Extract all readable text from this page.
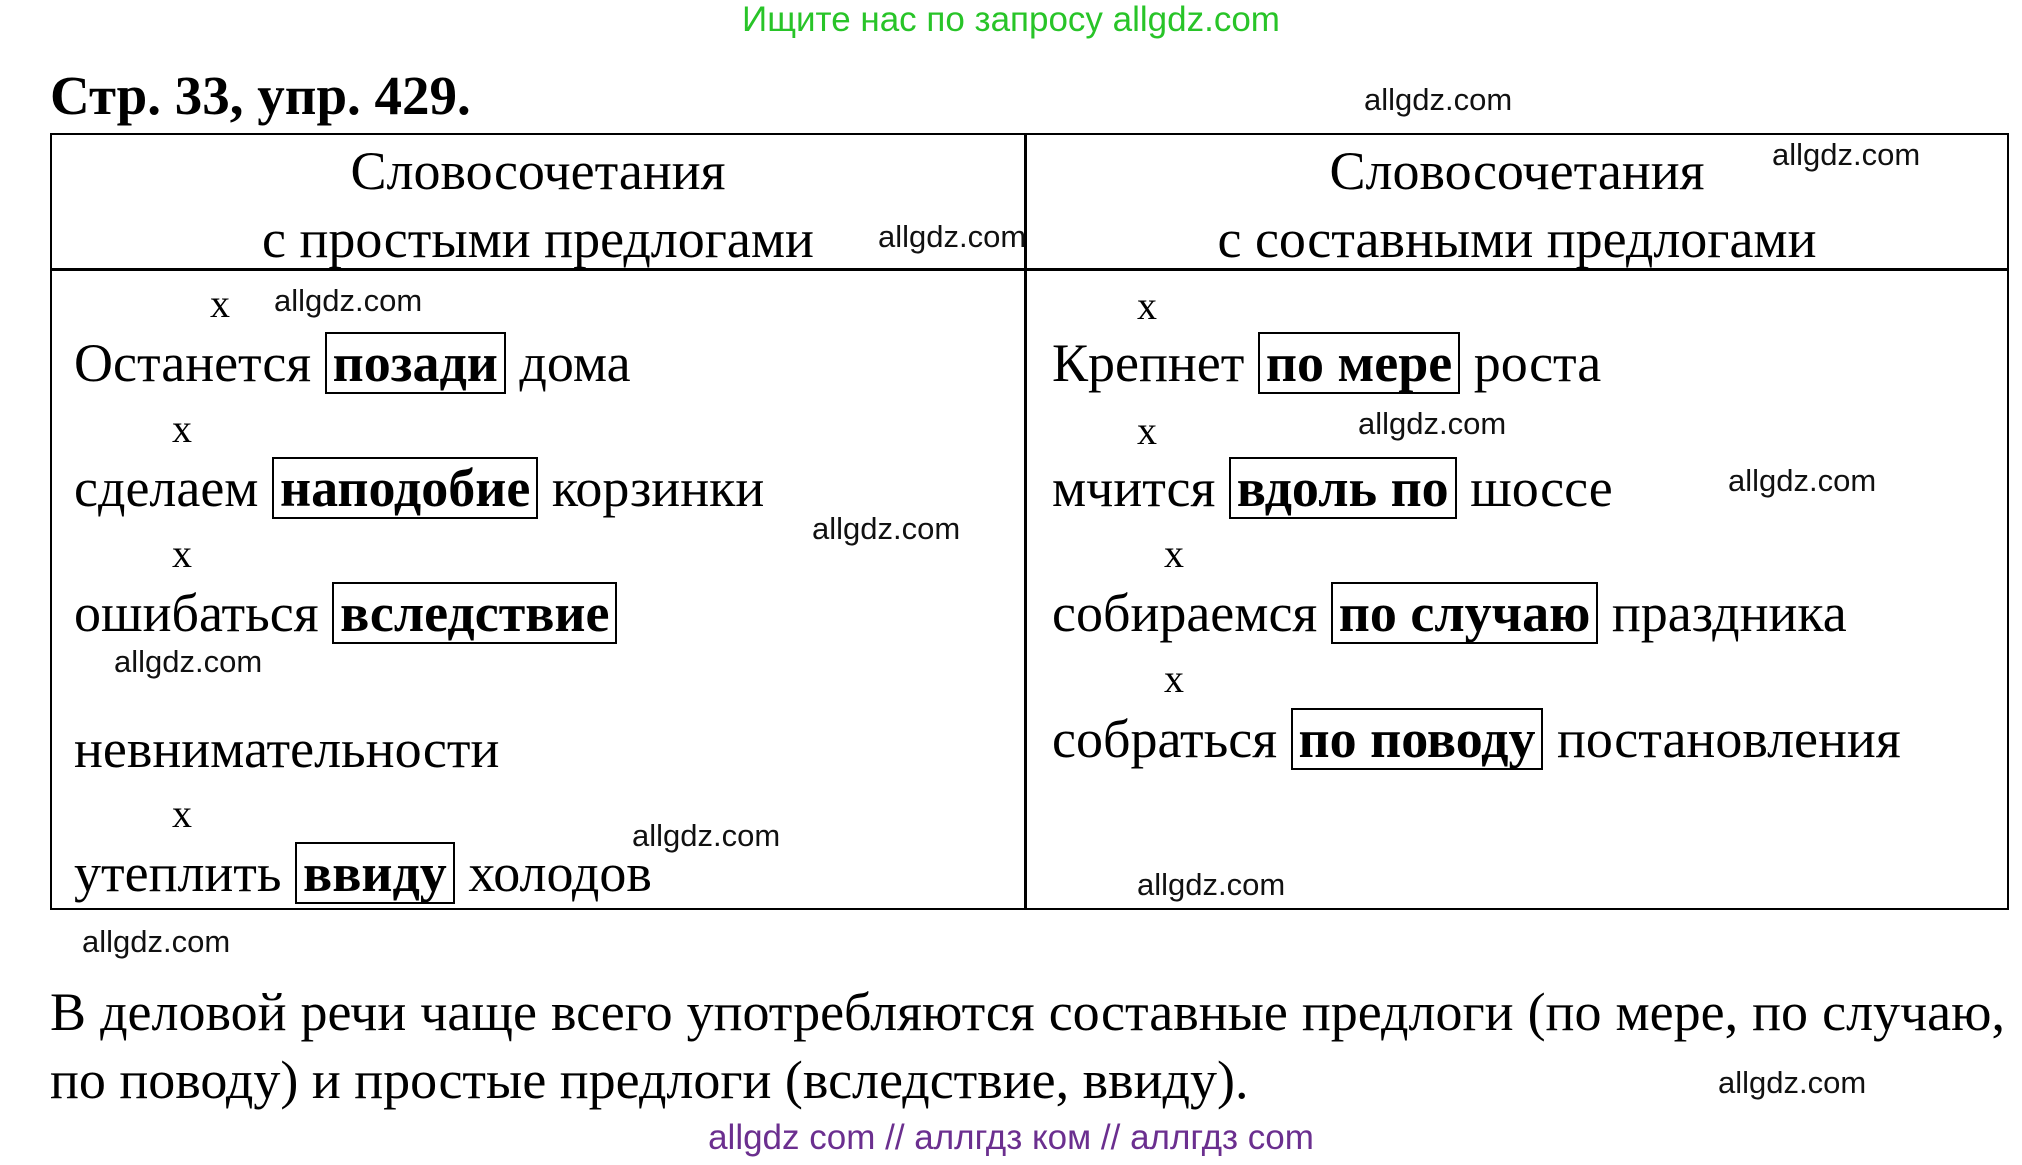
Ищите нас по запросу allgdz.com
Стр. 33, упр. 429.
Словосочетания
с простыми предлогами
Словосочетания
с составными предлогами
x
Останется позади дома
x
сделаем наподобие корзинки
x
ошибаться вследствие
невнимательности
x
утеплить ввиду холодов
x
Крепнет по мере роста
x
мчится вдоль по шоссе
x
собираемся по случаю праздника
x
собраться по поводу постановления
allgdz.com
allgdz.com
allgdz.com
allgdz.com
allgdz.com
allgdz.com
allgdz.com
allgdz.com
allgdz.com
allgdz.com
allgdz.com
allgdz.com
В деловой речи чаще всего употребляются составные предлоги (по мере, по случаю, по поводу) и простые предлоги (вследствие, ввиду).
allgdz com // аллгдз ком // аллгдз com
